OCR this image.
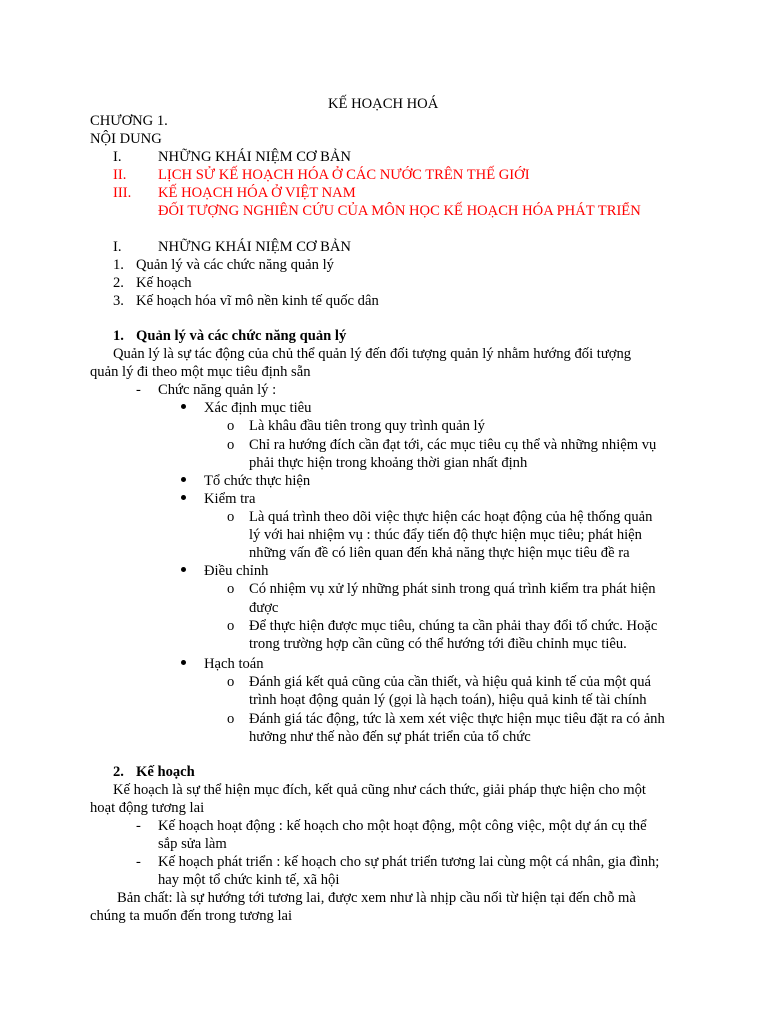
KẾ HOẠCH HOÁ
CHƯƠNG 1.
NỘI DUNG
I. NHỮNG KHÁI NIỆM CƠ BẢN
II. LỊCH SỬ KẾ HOẠCH HÓA Ở CÁC NƯỚC TRÊN THẾ GIỚI
III. KẾ HOẠCH HÓA Ở VIỆT NAM
ĐỐI TƯỢNG NGHIÊN CỨU CỦA MÔN HỌC KẾ HOẠCH HÓA PHÁT TRIỂN
I. NHỮNG KHÁI NIỆM CƠ BẢN
1. Quản lý và các chức năng quản lý
2. Kế hoạch
3. Kế hoạch hóa vĩ mô nền kinh tế quốc dân
1. Quản lý và các chức năng quản lý
Quản lý là sự tác động của chủ thể quản lý đến đối tượng quản lý nhằm hướng đối tượng
quản lý đi theo một mục tiêu định sẵn
- Chức năng quản lý :
Xác định mục tiêu
o Là khâu đầu tiên trong quy trình quản lý
o Chỉ ra hướng đích cần đạt tới, các mục tiêu cụ thể và những nhiệm vụ
phải thực hiện trong khoảng thời gian nhất định
Tổ chức thực hiện
Kiểm tra
o Là quá trình theo dõi việc thực hiện các hoạt động của hệ thống quản
lý với hai nhiệm vụ : thúc đẩy tiến độ thực hiện mục tiêu; phát hiện
những vấn đề có liên quan đến khả năng thực hiện mục tiêu đề ra
Điều chỉnh
o Có nhiệm vụ xử lý những phát sinh trong quá trình kiểm tra phát hiện
được
o Để thực hiện được mục tiêu, chúng ta cần phải thay đổi tổ chức. Hoặc
trong trường hợp cần cũng có thể hướng tới điều chỉnh mục tiêu.
Hạch toán
o Đánh giá kết quả cũng của cần thiết, và hiệu quả kinh tế của một quá
trình hoạt động quản lý (gọi là hạch toán), hiệu quả kinh tế tài chính
o Đánh giá tác động, tức là xem xét việc thực hiện mục tiêu đặt ra có ảnh
hưởng như thế nào đến sự phát triển của tổ chức
2. Kế hoạch
Kế hoạch là sự thể hiện mục đích, kết quả cũng như cách thức, giải pháp thực hiện cho một
hoạt động tương lai
- Kế hoạch hoạt động : kế hoạch cho một hoạt động, một công việc, một dự án cụ thể
sắp sửa làm
- Kế hoạch phát triển : kế hoạch cho sự phát triển tương lai cùng một cá nhân, gia đình;
hay một tổ chức kinh tế, xã hội
Bản chất: là sự hướng tới tương lai, được xem như là nhịp cầu nối từ hiện tại đến chỗ mà
chúng ta muốn đến trong tương lai
